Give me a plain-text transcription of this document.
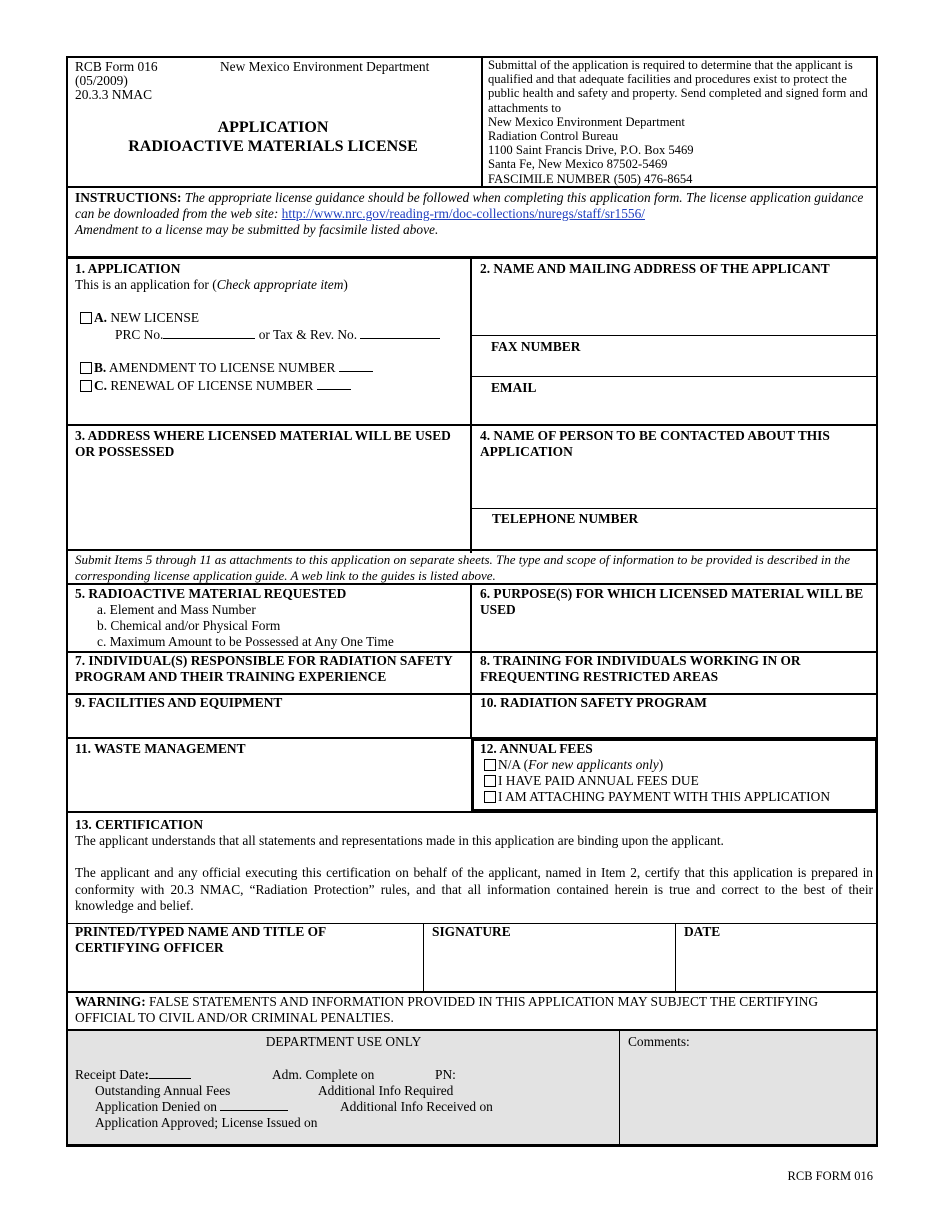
RCB Form 016
(05/2009)
20.3.3 NMAC
New Mexico Environment Department
APPLICATION
RADIOACTIVE MATERIALS LICENSE

Submittal of the application is required to determine that the applicant is qualified and that adequate facilities and procedures exist to protect the public health and safety and property. Send completed and signed form and attachments to

New Mexico Environment Department

Radiation Control Bureau

1100 Saint Francis Drive, P.O. Box 5469

Santa Fe, New Mexico 87502-5469

FASCIMILE NUMBER (505) 476-8654

INSTRUCTIONS: The appropriate license guidance should be followed when completing this application form. The license application guidance can be downloaded from the web site: http://www.nrc.gov/reading-rm/doc-collections/nuregs/staff/sr1556/
Amendment to a license may be submitted by facsimile listed above.
1. APPLICATION
This is an application for (Check appropriate item)
A. NEW LICENSE
PRC No.	or Tax & Rev. No.
B. AMENDMENT TO LICENSE NUMBER
C. RENEWAL OF LICENSE NUMBER
2. NAME AND MAILING ADDRESS OF THE APPLICANT
FAX NUMBER
EMAIL
3. ADDRESS WHERE LICENSED MATERIAL WILL BE USED OR POSSESSED
4. NAME OF PERSON TO BE CONTACTED ABOUT THIS APPLICATION
TELEPHONE NUMBER
Submit Items 5 through 11 as attachments to this application on separate sheets. The type and scope of information to be provided is described in the corresponding license application guide. A web link to the guides is listed above.
5. RADIOACTIVE MATERIAL REQUESTED
a. Element and Mass Number
b. Chemical and/or Physical Form
c. Maximum Amount to be Possessed at Any One Time
6. PURPOSE(S) FOR WHICH LICENSED MATERIAL WILL BE USED
7. INDIVIDUAL(S) RESPONSIBLE FOR RADIATION SAFETY PROGRAM AND THEIR TRAINING EXPERIENCE
8. TRAINING FOR INDIVIDUALS WORKING IN OR FREQUENTING RESTRICTED AREAS
9. FACILITIES AND EQUIPMENT	10. RADIATION SAFETY PROGRAM
11. WASTE MANAGEMENT	12. ANNUAL FEES
N/A (For new applicants only)
I HAVE PAID ANNUAL FEES DUE
I AM ATTACHING PAYMENT WITH THIS APPLICATION
13. CERTIFICATION
The applicant understands that all statements and representations made in this application are binding upon the applicant.
The applicant and any official executing this certification on behalf of the applicant, named in Item 2, certify that this application is prepared in conformity with 20.3 NMAC, “Radiation Protection” rules, and that all information contained herein is true and correct to the best of their knowledge and belief.
PRINTED/TYPED NAME AND TITLE OF CERTIFYING OFFICER
SIGNATURE	DATE
WARNING: FALSE STATEMENTS AND INFORMATION PROVIDED IN THIS APPLICATION MAY SUBJECT THE CERTIFYING OFFICIAL TO CIVIL AND/OR CRIMINAL PENALTIES.
DEPARTMENT USE ONLY
Receipt Date:	Adm. Complete on	PN:
Outstanding Annual Fees	Additional Info Required
Application Denied on	Additional Info Received on
Application Approved; License Issued on
Comments:
RCB FORM 016
